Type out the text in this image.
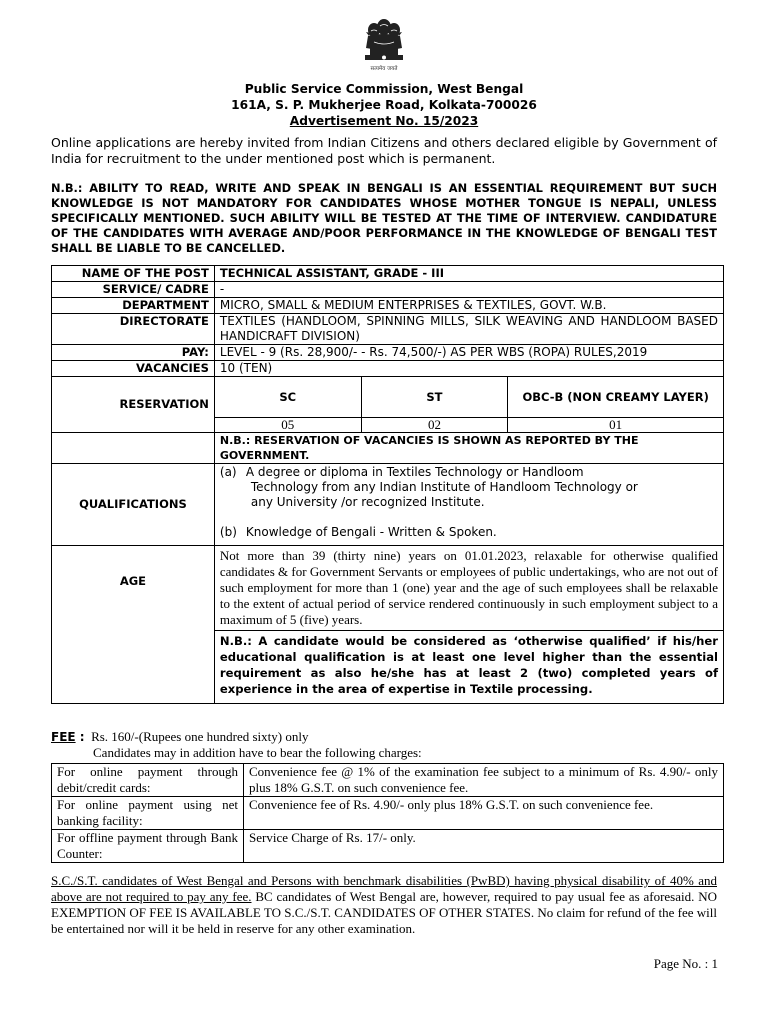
सत्यमेव जयते
Public Service Commission, West Bengal
161A, S. P. Mukherjee Road, Kolkata-700026
Advertisement No. 15/2023
Online applications are hereby invited from Indian Citizens and others declared eligible by Government of India for recruitment to the under mentioned post which is permanent.
N.B.: ABILITY TO READ, WRITE AND SPEAK IN BENGALI IS AN ESSENTIAL REQUIREMENT BUT SUCH KNOWLEDGE IS NOT MANDATORY FOR CANDIDATES WHOSE MOTHER TONGUE IS NEPALI, UNLESS SPECIFICALLY MENTIONED. SUCH ABILITY WILL BE TESTED AT THE TIME OF INTERVIEW. CANDIDATURE OF THE CANDIDATES WITH AVERAGE AND/POOR PERFORMANCE IN THE KNOWLEDGE OF BENGALI TEST SHALL BE LIABLE TO BE CANCELLED.
NAME OF THE POST	TECHNICAL ASSISTANT, GRADE - III		
SERVICE/ CADRE	-		
DEPARTMENT	MICRO, SMALL & MEDIUM ENTERPRISES & TEXTILES, GOVT. W.B.		
DIRECTORATE	TEXTILES (HANDLOOM, SPINNING MILLS, SILK WEAVING AND HANDLOOM BASED HANDICRAFT DIVISION)		
PAY:	LEVEL - 9 (Rs. 28,900/- - Rs. 74,500/-) AS PER WBS (ROPA) RULES,2019		
VACANCIES	10 (TEN)		
RESERVATION	SC	ST	OBC-B (NON CREAMY LAYER)
	05	02	01
	N.B.: RESERVATION OF VACANCIES IS SHOWN AS REPORTED BY THE GOVERNMENT.		
QUALIFICATIONS	(a) A degree or diploma in Textiles Technology or Handloom
Technology from any Indian Institute of Handloom Technology or
any University /or recognized Institute.
(b) Knowledge of Bengali - Written & Spoken.		

AGE	Not more than 39 (thirty nine) years on 01.01.2023, relaxable for otherwise qualified candidates & for Government Servants or employees of public undertakings, who are not out of such employment for more than 1 (one) year and the age of such employees shall be relaxable to the extent of actual period of service rendered continuously in such employment subject to a maximum of 5 (five) years.		
	N.B.: A candidate would be considered as ‘otherwise qualified’ if his/her educational qualification is at least one level higher than the essential requirement as also he/she has at least 2 (two) completed years of experience in the area of expertise in Textile processing.		
FEE :  Rs. 160/-(Rupees one hundred sixty) only
Candidates may in addition have to bear the following charges:
For online payment through debit/credit cards:	Convenience fee @ 1% of the examination fee subject to a minimum of Rs. 4.90/- only plus 18% G.S.T. on such convenience fee.
For online payment using net banking facility:	Convenience fee of Rs. 4.90/- only plus 18% G.S.T. on such convenience fee.
For offline payment through Bank Counter:	Service Charge of Rs. 17/- only.
S.C./S.T. candidates of West Bengal and Persons with benchmark disabilities (PwBD) having physical disability of 40% and above are not required to pay any fee. BC candidates of West Bengal are, however, required to pay usual fee as aforesaid. NO EXEMPTION OF FEE IS AVAILABLE TO S.C./S.T. CANDIDATES OF OTHER STATES. No claim for refund of the fee will be entertained nor will it be held in reserve for any other examination.
Page No. : 1
